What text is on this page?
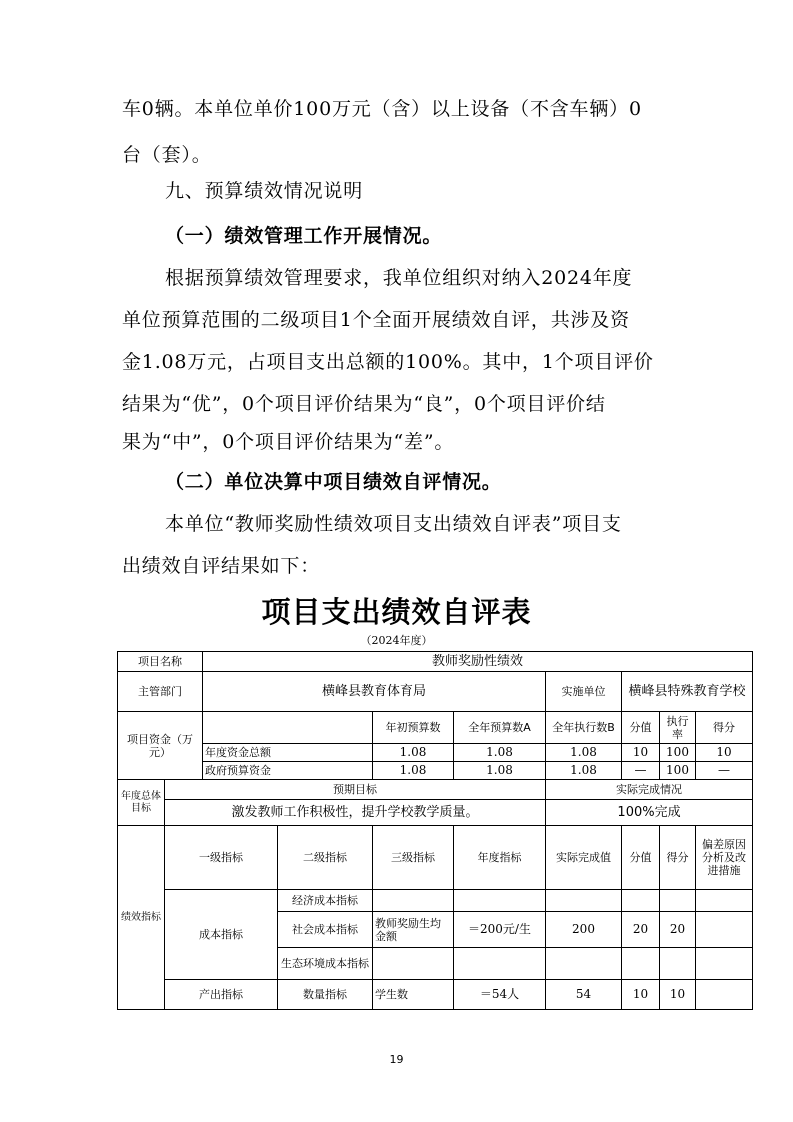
车0辆。本单位单价100万元（含）以上设备（不含车辆）0
台（套）。
九、预算绩效情况说明
（一）绩效管理工作开展情况。
根据预算绩效管理要求，我单位组织对纳入2024年度
单位预算范围的二级项目1个全面开展绩效自评，共涉及资
金1.08万元，占项目支出总额的100%。其中，1个项目评价
结果为“优”，0个项目评价结果为“良”，0个项目评价结
果为“中”，0个项目评价结果为“差”。
（二）单位决算中项目绩效自评情况。
本单位“教师奖励性绩效项目支出绩效自评表”项目支
出绩效自评结果如下：
项目支出绩效自评表
（2024年度）
项目名称		教师奖励性绩效							
主管部门		横峰县教育体育局				实施单位	横峰县特殊教育学校		
项目资金（万元）				年初预算数	全年预算数A	全年执行数B	分值	执行率	得分
		年度资金总额		1.08	1.08	1.08	10	100	10
		政府预算资金		1.08	1.08	1.08	—	100	—
年度总体目标	预期目标					实际完成情况			
	激发教师工作积极性，提升学校教学质量。					100%完成			
绩效指标	一级指标		二级指标	三级指标	年度指标	实际完成值	分值	得分	偏差原因分析及改进措施
	成本指标		经济成本指标						
			社会成本指标	教师奖励生均金额	＝200元/生	200	20	20	
			生态环境成本指标						
	产出指标		数量指标	学生数	＝54人	54	10	10	
19
